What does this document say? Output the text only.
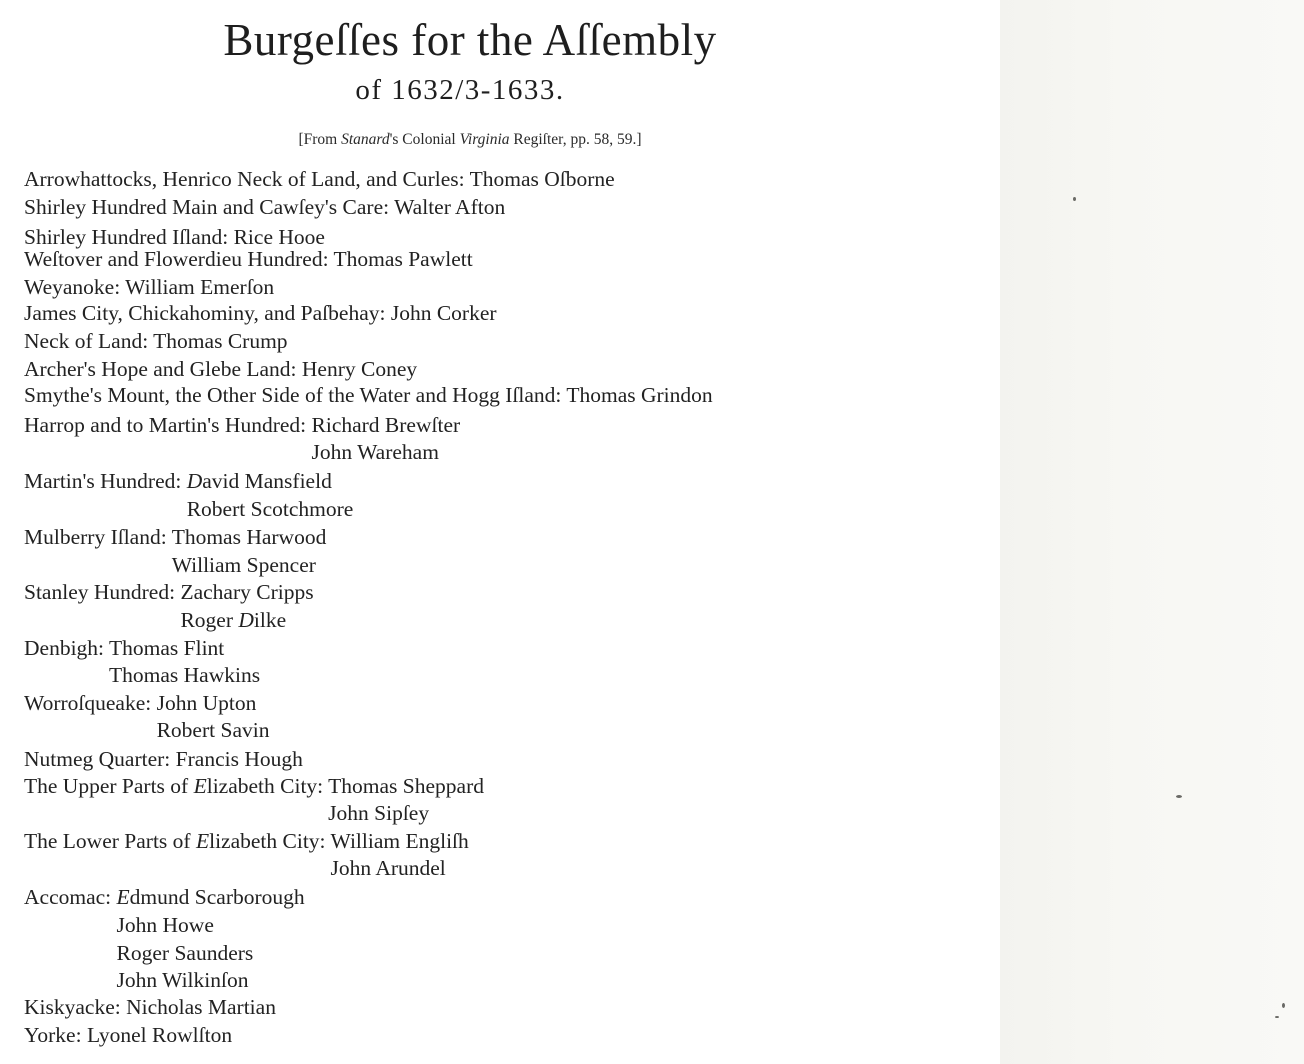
Burgeſſes for the Aſſembly
of 1632/3-1633.
[From Stanard's Colonial Virginia Regiſter, pp. 58, 59.]
Arrowhattocks, Henrico Neck of Land, and Curles: Thomas Oſborne
Shirley Hundred Main and Cawſey's Care: Walter Afton
Shirley Hundred Iſland: Rice Hooe
Weſtover and Flowerdieu Hundred: Thomas Pawlett
Weyanoke: William Emerſon
James City, Chickahominy, and Paſbehay: John Corker
Neck of Land: Thomas Crump
Archer's Hope and Glebe Land: Henry Coney
Smythe's Mount, the Other Side of the Water and Hogg Iſland: Thomas Grindon
Harrop and to Martin's Hundred: Richard Brewſter
John Wareham
Martin's Hundred: David Mansfield
Robert Scotchmore
Mulberry Iſland: Thomas Harwood
William Spencer
Stanley Hundred: Zachary Cripps
Roger Dilke
Denbigh: Thomas Flint
Thomas Hawkins
Worroſqueake: John Upton
Robert Savin
Nutmeg Quarter: Francis Hough
The Upper Parts of Elizabeth City: Thomas Sheppard
John Sipſey
The Lower Parts of Elizabeth City: William Engliſh
John Arundel
Accomac: Edmund Scarborough
John Howe
Roger Saunders
John Wilkinſon
Kiskyacke: Nicholas Martian
Yorke: Lyonel Rowlſton
